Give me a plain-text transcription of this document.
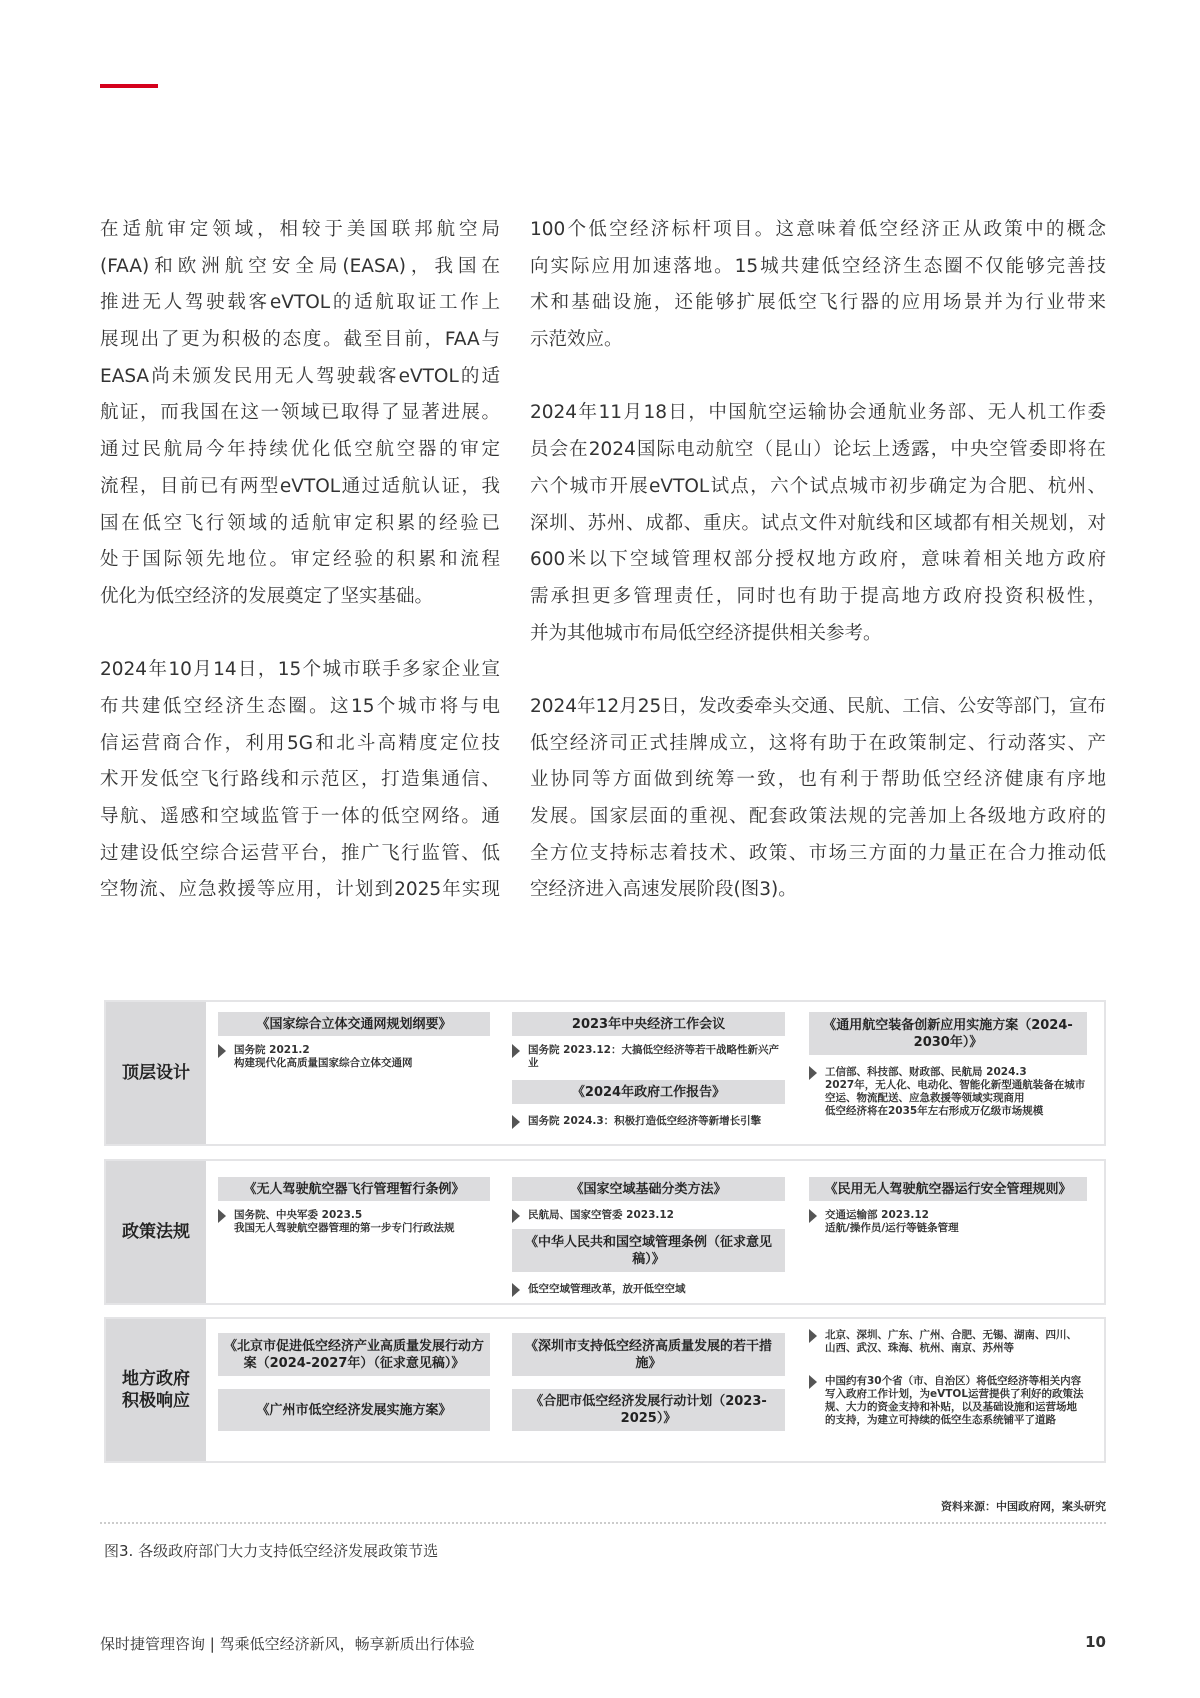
在适航审定领域，相较于美国联邦航空局
(FAA)和欧洲航空安全局(EASA)，我国在
推进无人驾驶载客eVTOL的适航取证工作上
展现出了更为积极的态度。截至目前，FAA与
EASA尚未颁发民用无人驾驶载客eVTOL的适
航证，而我国在这一领域已取得了显著进展。
通过民航局今年持续优化低空航空器的审定
流程，目前已有两型eVTOL通过适航认证，我
国在低空飞行领域的适航审定积累的经验已
处于国际领先地位。审定经验的积累和流程
优化为低空经济的发展奠定了坚实基础。
2024年10月14日，15个城市联手多家企业宣
布共建低空经济生态圈。这15个城市将与电
信运营商合作，利用5G和北斗高精度定位技
术开发低空飞行路线和示范区，打造集通信、
导航、遥感和空域监管于一体的低空网络。通
过建设低空综合运营平台，推广飞行监管、低
空物流、应急救援等应用，计划到2025年实现
100个低空经济标杆项目。这意味着低空经济正从政策中的概念
向实际应用加速落地。15城共建低空经济生态圈不仅能够完善技
术和基础设施，还能够扩展低空飞行器的应用场景并为行业带来
示范效应。
2024年11月18日，中国航空运输协会通航业务部、无人机工作委
员会在2024国际电动航空（昆山）论坛上透露，中央空管委即将在
六个城市开展eVTOL试点，六个试点城市初步确定为合肥、杭州、
深圳、苏州、成都、重庆。试点文件对航线和区域都有相关规划，对
600米以下空域管理权部分授权地方政府，意味着相关地方政府
需承担更多管理责任，同时也有助于提高地方政府投资积极性，
并为其他城市布局低空经济提供相关参考。
2024年12月25日，发改委牵头交通、民航、工信、公安等部门，宣布
低空经济司正式挂牌成立，这将有助于在政策制定、行动落实、产
业协同等方面做到统筹一致，也有利于帮助低空经济健康有序地
发展。国家层面的重视、配套政策法规的完善加上各级地方政府的
全方位支持标志着技术、政策、市场三方面的力量正在合力推动低
空经济进入高速发展阶段(图3)。
顶层设计
《国家综合立体交通网规划纲要》
国务院 2021.2
构建现代化高质量国家综合立体交通网
2023年中央经济工作会议
国务院 2023.12：大搞低空经济等若干战略性新兴产业
《2024年政府工作报告》
国务院 2024.3：积极打造低空经济等新增长引擎
《通用航空装备创新应用实施方案（2024-2030年）》
工信部、科技部、财政部、民航局 2024.3
2027年，无人化、电动化、智能化新型通航装备在城市空运、物流配送、应急救援等领域实现商用
低空经济将在2035年左右形成万亿级市场规模
政策法规
《无人驾驶航空器飞行管理暂行条例》
国务院、中央军委 2023.5
我国无人驾驶航空器管理的第一步专门行政法规
《国家空域基础分类方法》
民航局、国家空管委 2023.12
《中华人民共和国空域管理条例（征求意见稿）》
低空空域管理改革，放开低空空域
《民用无人驾驶航空器运行安全管理规则》
交通运输部 2023.12
适航/操作员/运行等链条管理
地方政府
积极响应
《北京市促进低空经济产业高质量发展行动方案（2024-2027年）（征求意见稿）》
《广州市低空经济发展实施方案》
《深圳市支持低空经济高质量发展的若干措施》
《合肥市低空经济发展行动计划（2023-2025）》
北京、深圳、广东、广州、合肥、无锡、湖南、四川、山西、武汉、珠海、杭州、南京、苏州等
中国约有30个省（市、自治区）将低空经济等相关内容写入政府工作计划，为eVTOL运营提供了利好的政策法规、大力的资金支持和补贴，以及基础设施和运营场地的支持，为建立可持续的低空生态系统铺平了道路
资料来源：中国政府网，案头研究
图3. 各级政府部门大力支持低空经济发展政策节选
保时捷管理咨询 | 驾乘低空经济新风，畅享新质出行体验	10
